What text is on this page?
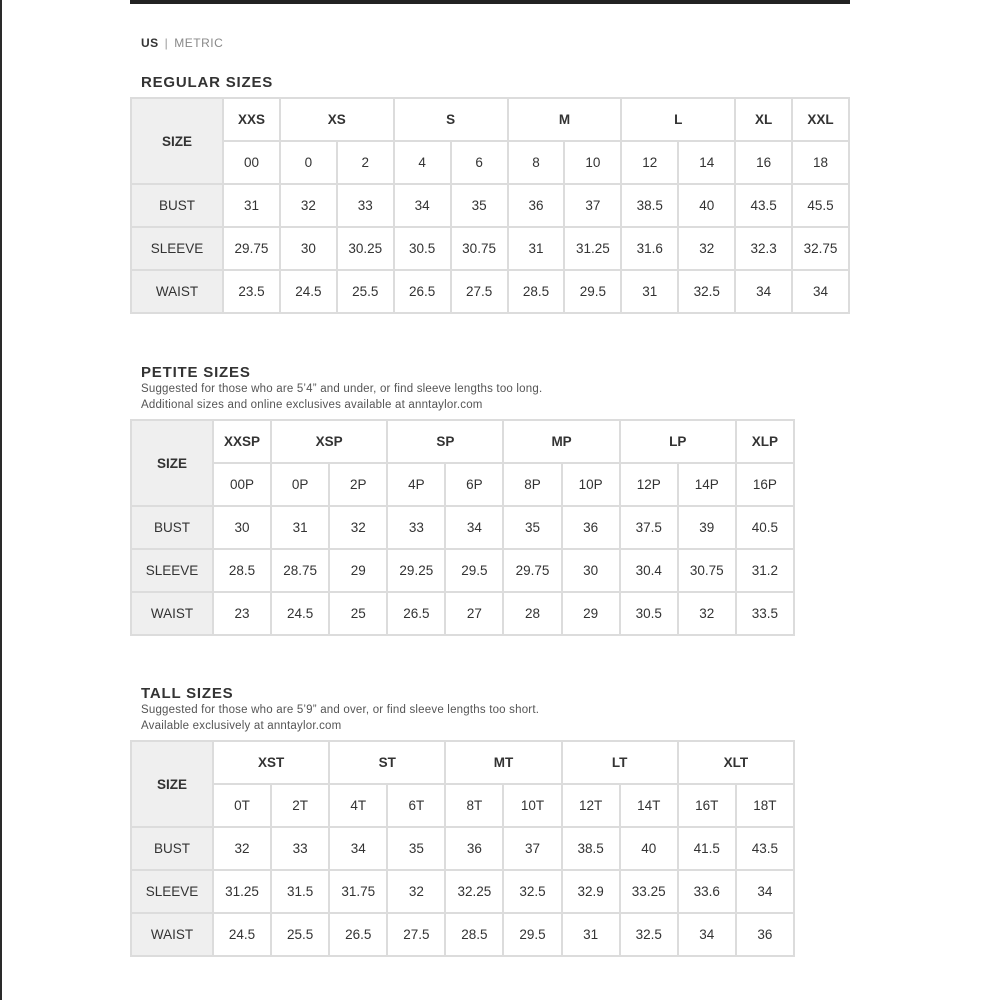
US | METRIC
REGULAR SIZES
SIZE	XXS	XS		S		M		L		XL	XXL
	00	0	2	4	6	8	10	12	14	16	18
BUST	31	32	33	34	35	36	37	38.5	40	43.5	45.5
SLEEVE	29.75	30	30.25	30.5	30.75	31	31.25	31.6	32	32.3	32.75
WAIST	23.5	24.5	25.5	26.5	27.5	28.5	29.5	31	32.5	34	34
PETITE SIZES
Suggested for those who are 5’4” and under, or find sleeve lengths too long.
Additional sizes and online exclusives available at anntaylor.com
SIZE	XXSP	XSP		SP		MP		LP		XLP
	00P	0P	2P	4P	6P	8P	10P	12P	14P	16P
BUST	30	31	32	33	34	35	36	37.5	39	40.5
SLEEVE	28.5	28.75	29	29.25	29.5	29.75	30	30.4	30.75	31.2
WAIST	23	24.5	25	26.5	27	28	29	30.5	32	33.5
TALL SIZES
Suggested for those who are 5’9” and over, or find sleeve lengths too short.
Available exclusively at anntaylor.com
SIZE	XST		ST		MT		LT		XLT	
	0T	2T	4T	6T	8T	10T	12T	14T	16T	18T
BUST	32	33	34	35	36	37	38.5	40	41.5	43.5
SLEEVE	31.25	31.5	31.75	32	32.25	32.5	32.9	33.25	33.6	34
WAIST	24.5	25.5	26.5	27.5	28.5	29.5	31	32.5	34	36
